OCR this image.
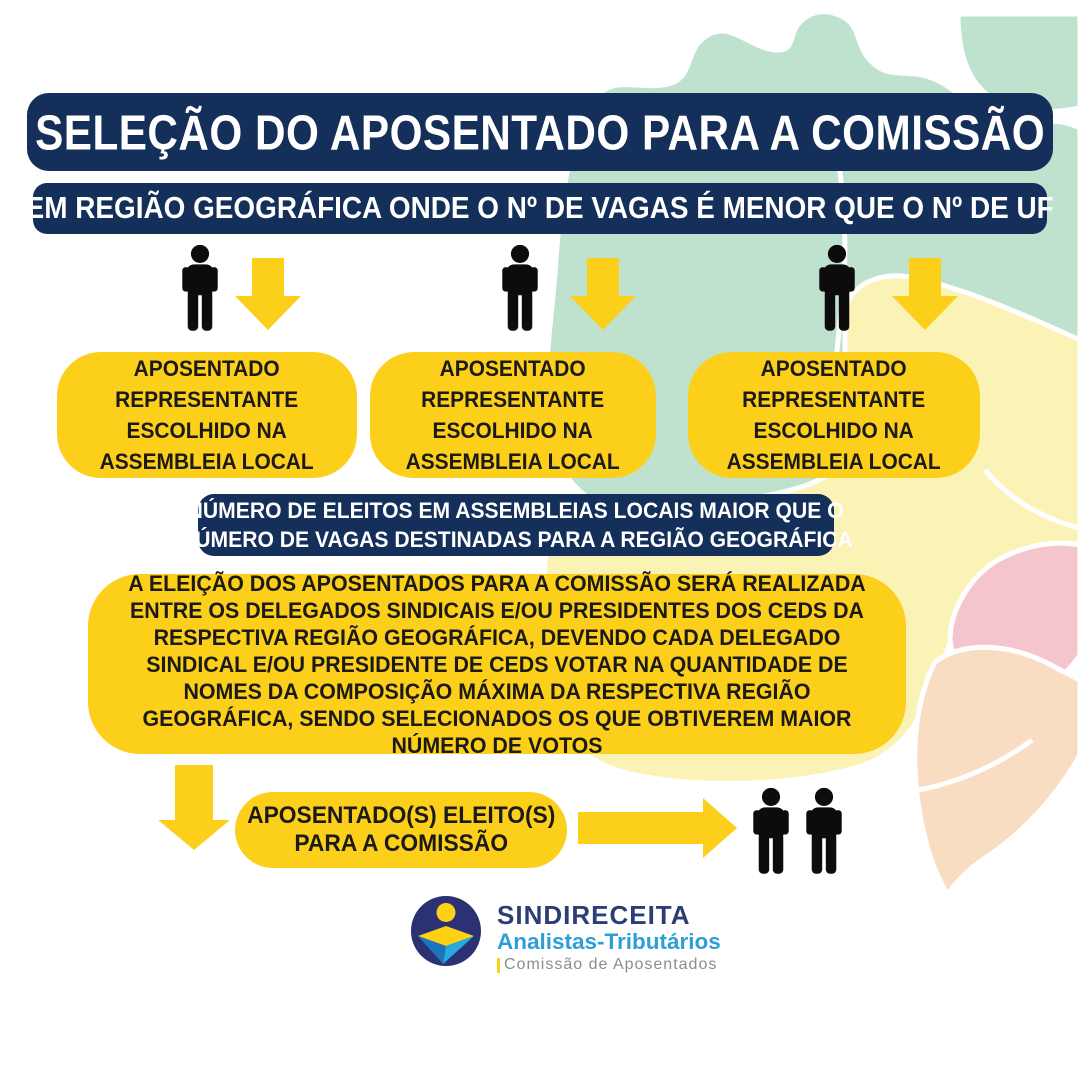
SELEÇÃO DO APOSENTADO PARA A COMISSÃO
EM REGIÃO GEOGRÁFICA ONDE O Nº DE VAGAS É MENOR QUE O Nº DE UF
APOSENTADO
REPRESENTANTE
ESCOLHIDO NA
ASSEMBLEIA LOCAL
APOSENTADO
REPRESENTANTE
ESCOLHIDO NA
ASSEMBLEIA LOCAL
APOSENTADO
REPRESENTANTE
ESCOLHIDO NA
ASSEMBLEIA LOCAL
NÚMERO DE ELEITOS EM ASSEMBLEIAS LOCAIS MAIOR QUE O
NÚMERO DE VAGAS DESTINADAS PARA A REGIÃO GEOGRÁFICA
A ELEIÇÃO DOS APOSENTADOS PARA A COMISSÃO SERÁ REALIZADA ENTRE OS DELEGADOS SINDICAIS E/OU PRESIDENTES DOS CEDS DA RESPECTIVA REGIÃO GEOGRÁFICA, DEVENDO CADA DELEGADO SINDICAL E/OU PRESIDENTE DE CEDS VOTAR NA QUANTIDADE DE NOMES DA COMPOSIÇÃO MÁXIMA DA RESPECTIVA REGIÃO GEOGRÁFICA, SENDO SELECIONADOS OS QUE OBTIVEREM MAIOR NÚMERO DE VOTOS
APOSENTADO(S) ELEITO(S)
PARA A COMISSÃO
SINDIRECEITA
Analistas-Tributários
Comissão de Aposentados
